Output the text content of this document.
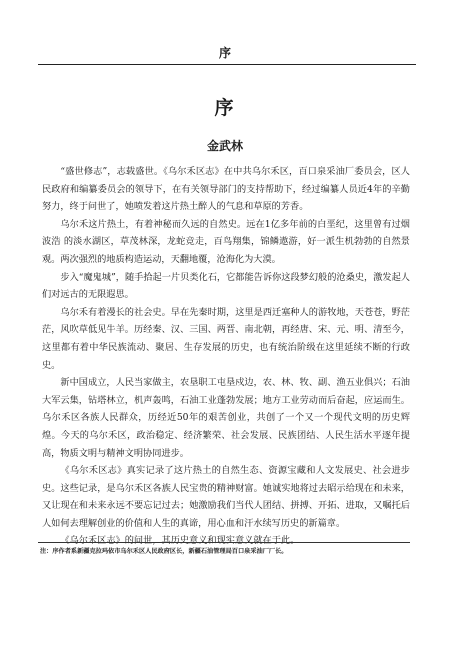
序
序
金武林

“盛世修志”，志载盛世。《乌尔禾区志》在中共乌尔禾区，百口泉采油厂委员会，区人民政府和编纂委员会的领导下，在有关领导部门的支持帮助下，经过编纂人员近4年的辛勤努力，终于问世了，她喷发着这片热土醉人的气息和草原的芳香。

乌尔禾这片热土，有着神秘而久远的自然史。远在1亿多年前的白垩纪，这里曾有过烟波浩 的淡水湖区，草茂林深，龙蛇竞走，百鸟翔集，锦鳞遨游，好一派生机勃勃的自然景观。两次强烈的地质构造运动，天翻地覆，沧海化为大漠。

步入“魔鬼城”，随手拾起一片贝类化石，它都能告诉你这段梦幻般的沧桑史，激发起人们对远古的无限遐思。

乌尔禾有着漫长的社会史。早在先秦时期，这里是西迁塞种人的游牧地，天苍苍，野茫茫，风吹草低见牛羊。历经秦、汉、三国、两晋、南北朝，再经唐、宋、元、明、清至今，这里都有着中华民族流动、聚居、生存发展的历史，也有统治阶级在这里延续不断的行政史。

新中国成立，人民当家做主，农垦职工屯垦戍边，农、林、牧、副、渔五业俱兴；石油大军云集，钻塔林立，机声轰鸣，石油工业蓬勃发展；地方工业劳动而后奋起，应运而生。乌尔禾区各族人民群众，历经近50年的艰苦创业，共创了一个又一个现代文明的历史辉煌。今天的乌尔禾区，政治稳定、经济繁荣、社会发展、民族团结、人民生活水平逐年提高，物质文明与精神文明协同进步。

《乌尔禾区志》真实记录了这片热土的自然生态、资源宝藏和人文发展史、社会进步史。这些记录，是乌尔禾区各族人民宝贵的精神财富。她诚实地将过去昭示给现在和未来，又让现在和未来永远不要忘记过去；她激励我们当代人团结、拼搏、开拓、进取，又嘱托后人如何去理解创业的价值和人生的真谛，用心血和汗水续写历史的新篇章。

《乌尔禾区志》的问世，其历史意义和现实意义就在于此。

注：序作者系新疆克拉玛依市乌尔禾区人民政府区长，新疆石油管理局百口泉采油厂厂长。
